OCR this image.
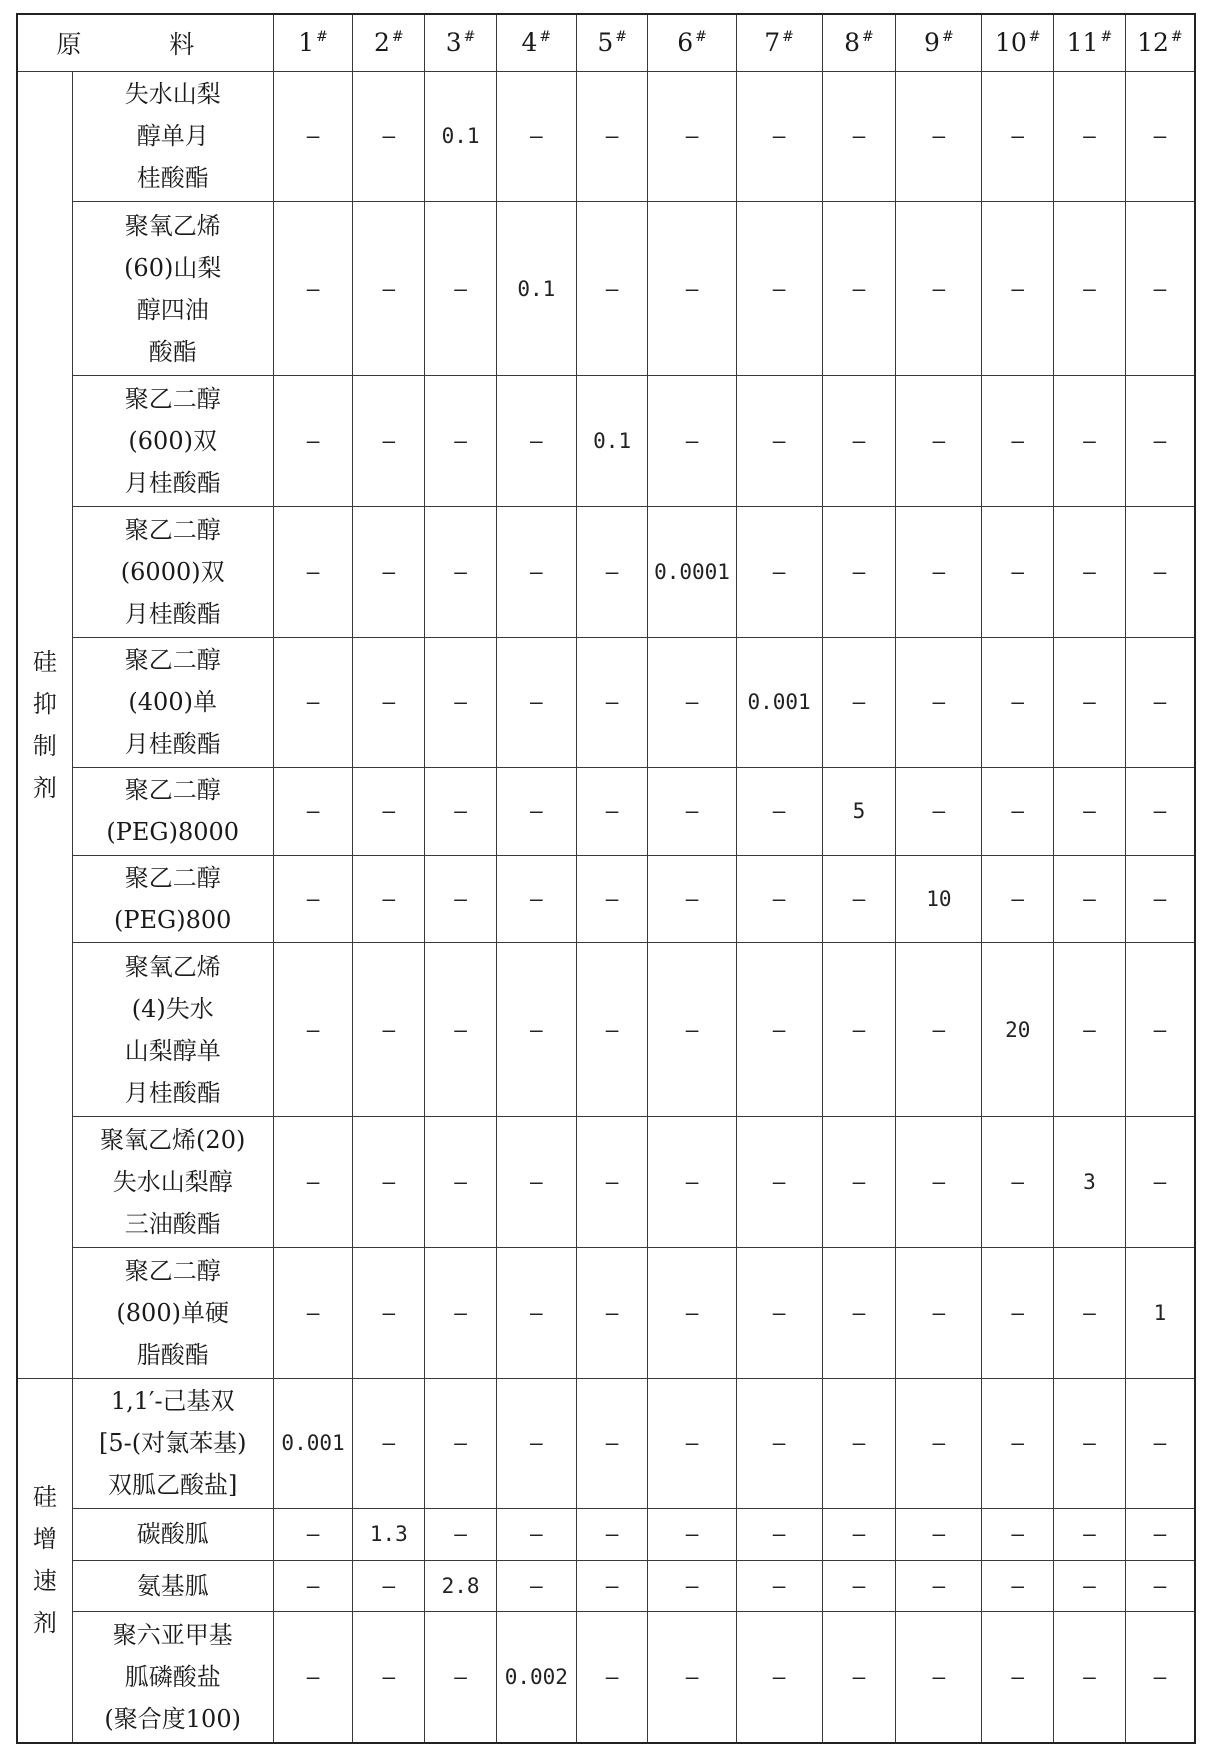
原 料		1 #	2 #	3 #	4 #	5 #	6 #	7 #	8 #	9 #	10 #	11 #	12 #
硅
抑
制
剂	失水山梨
醇单月
桂酸酯	—	—	0.1	—	—	—	—	—	—	—	—	—
	聚氧乙烯
(60)山梨
醇四油
酸酯	—	—	—	0.1	—	—	—	—	—	—	—	—
	聚乙二醇
(600)双
月桂酸酯	—	—	—	—	0.1	—	—	—	—	—	—	—
	聚乙二醇
(6000)双
月桂酸酯	—	—	—	—	—	0.0001	—	—	—	—	—	—
	聚乙二醇
(400)单
月桂酸酯	—	—	—	—	—	—	0.001	—	—	—	—	—
	聚乙二醇
(PEG)8000	—	—	—	—	—	—	—	5	—	—	—	—
	聚乙二醇
(PEG)800	—	—	—	—	—	—	—	—	10	—	—	—
	聚氧乙烯
(4)失水
山梨醇单
月桂酸酯	—	—	—	—	—	—	—	—	—	20	—	—
	聚氧乙烯(20)
失水山梨醇
三油酸酯	—	—	—	—	—	—	—	—	—	—	3	—
	聚乙二醇
(800)单硬
脂酸酯	—	—	—	—	—	—	—	—	—	—	—	1
硅
增
速
剂	1,1′-己基双
[5-(对氯苯基)
双胍乙酸盐]	0.001	—	—	—	—	—	—	—	—	—	—	—
	碳酸胍	—	1.3	—	—	—	—	—	—	—	—	—	—
	氨基胍	—	—	2.8	—	—	—	—	—	—	—	—	—
	聚六亚甲基
胍磷酸盐
(聚合度100)	—	—	—	0.002	—	—	—	—	—	—	—	—
